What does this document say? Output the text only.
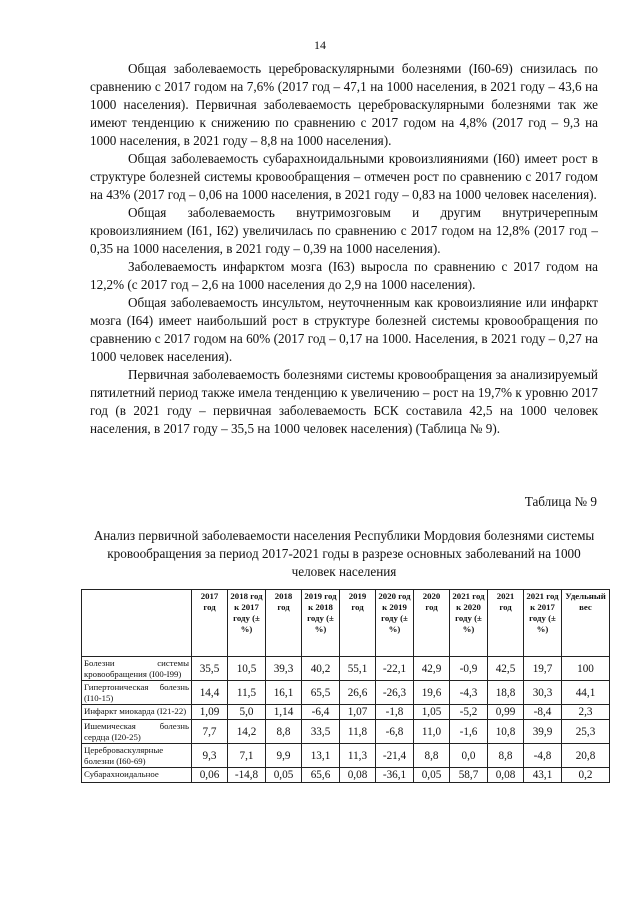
14

Общая заболеваемость цереброваскулярными болезнями (I60-69) снизилась по сравнению с 2017 годом на 7,6% (2017 год – 47,1 на 1000 населения, в 2021 году – 43,6 на 1000 населения). Первичная заболеваемость цереброваскулярными болезнями так же имеют тенденцию к снижению по сравнению с 2017 годом на 4,8% (2017 год – 9,3 на 1000 населения, в 2021 году – 8,8 на 1000 населения).

Общая заболеваемость субарахноидальными кровоизлияниями (I60) имеет рост в структуре болезней системы кровообращения – отмечен рост по сравнению с 2017 годом на 43% (2017 год – 0,06 на 1000 населения, в 2021 году – 0,83 на 1000 человек населения).

Общая заболеваемость внутримозговым и другим внутричерепным кровоизлиянием (I61, I62) увеличилась по сравнению с 2017 годом на 12,8% (2017 год – 0,35 на 1000 населения, в 2021 году – 0,39 на 1000 населения).

Заболеваемость инфарктом мозга (I63) выросла по сравнению с 2017 годом на 12,2% (с 2017 год – 2,6 на 1000 населения до 2,9 на 1000 населения).

Общая заболеваемость инсультом, неуточненным как кровоизлияние или инфаркт мозга (I64) имеет наибольший рост в структуре болезней системы кровообращения по сравнению с 2017 годом на 60% (2017 год – 0,17 на 1000. Населения, в 2021 году – 0,27 на 1000 человек населения).

Первичная заболеваемость болезнями системы кровообращения за анализируемый пятилетний период также имела тенденцию к увеличению – рост на 19,7% к уровню 2017 год (в 2021 году – первичная заболеваемость БСК составила 42,5 на 1000 человек населения, в 2017 году – 35,5 на 1000 человек населения) (Таблица № 9).

Таблица № 9
Анализ первичной заболеваемости населения Республики Мордовия болезнями системы кровообращения за период 2017-2021 годы в разрезе основных заболеваний на 1000 человек населения
	2017 год	2018 год к 2017 году (±%)	2018 год	2019 год к 2018 году (±%)	2019 год	2020 год к 2019 году (±%)	2020 год	2021 год к 2020 году (±%)	2021 год	2021 год к 2017 году (±%)	Удельный вес
Болезни системы кровообращения (I00-I99)	35,5	10,5	39,3	40,2	55,1	-22,1	42,9	-0,9	42,5	19,7	100
Гипертоническая болезнь (I10-15)	14,4	11,5	16,1	65,5	26,6	-26,3	19,6	-4,3	18,8	30,3	44,1
Инфаркт миокарда (I21-22)	1,09	5,0	1,14	-6,4	1,07	-1,8	1,05	-5,2	0,99	-8,4	2,3
Ишемическая болезнь сердца (I20-25)	7,7	14,2	8,8	33,5	11,8	-6,8	11,0	-1,6	10,8	39,9	25,3
Цереброваскулярные болезни (I60-69)	9,3	7,1	9,9	13,1	11,3	-21,4	8,8	0,0	8,8	-4,8	20,8
Субарахноидальное	0,06	-14,8	0,05	65,6	0,08	-36,1	0,05	58,7	0,08	43,1	0,2
